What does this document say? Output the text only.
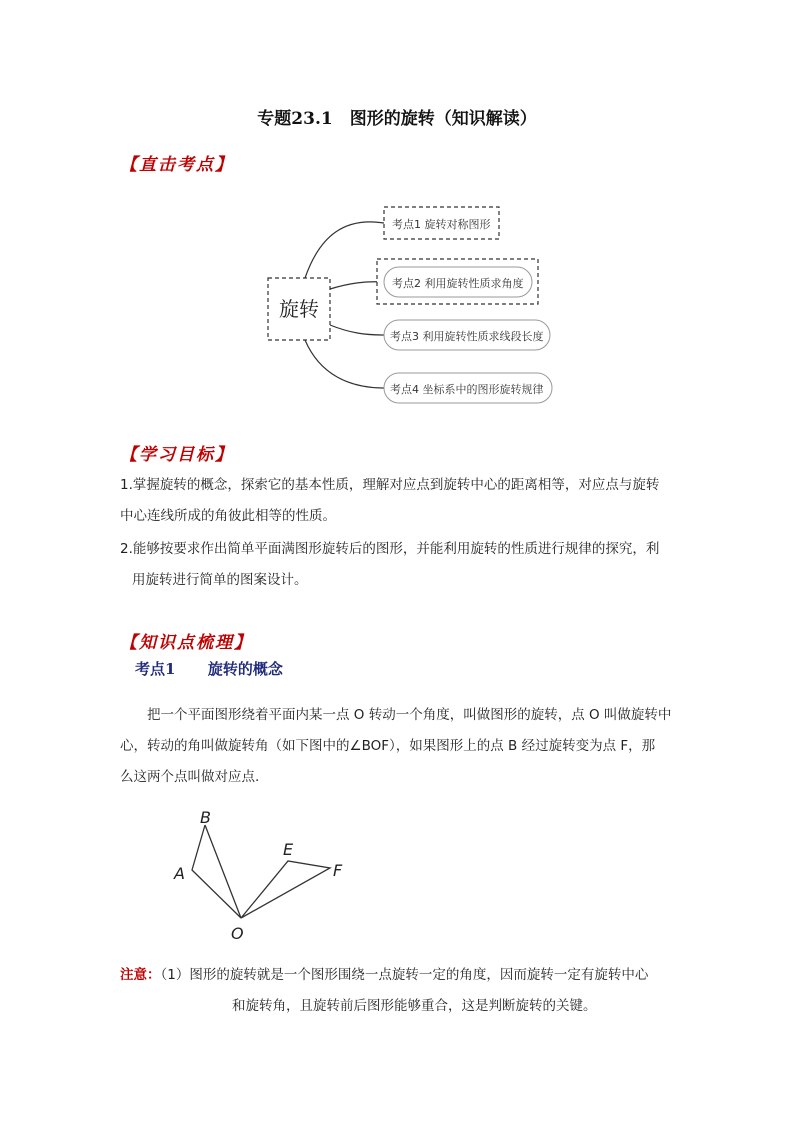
专题23.1　图形的旋转（知识解读）
【直击考点】
旋转
考点1 旋转对称图形
考点2 利用旋转性质求角度
考点3 利用旋转性质求线段长度
考点4 坐标系中的图形旋转规律
【学习目标】
1.掌握旋转的概念，探索它的基本性质，理解对应点到旋转中心的距离相等，对应点与旋转
中心连线所成的角彼此相等的性质。
2.能够按要求作出简单平面满图形旋转后的图形，并能利用旋转的性质进行规律的探究，利
用旋转进行简单的图案设计。
【知识点梳理】
考点1 旋转的概念
把一个平面图形绕着平面内某一点 O 转动一个角度，叫做图形的旋转，点 O 叫做旋转中
心，转动的角叫做旋转角（如下图中的∠BOF），如果图形上的点 B 经过旋转变为点 F，那
么这两个点叫做对应点.
B
A
O
E
F
注意：（1）图形的旋转就是一个图形围绕一点旋转一定的角度，因而旋转一定有旋转中心
和旋转角，且旋转前后图形能够重合，这是判断旋转的关键。
